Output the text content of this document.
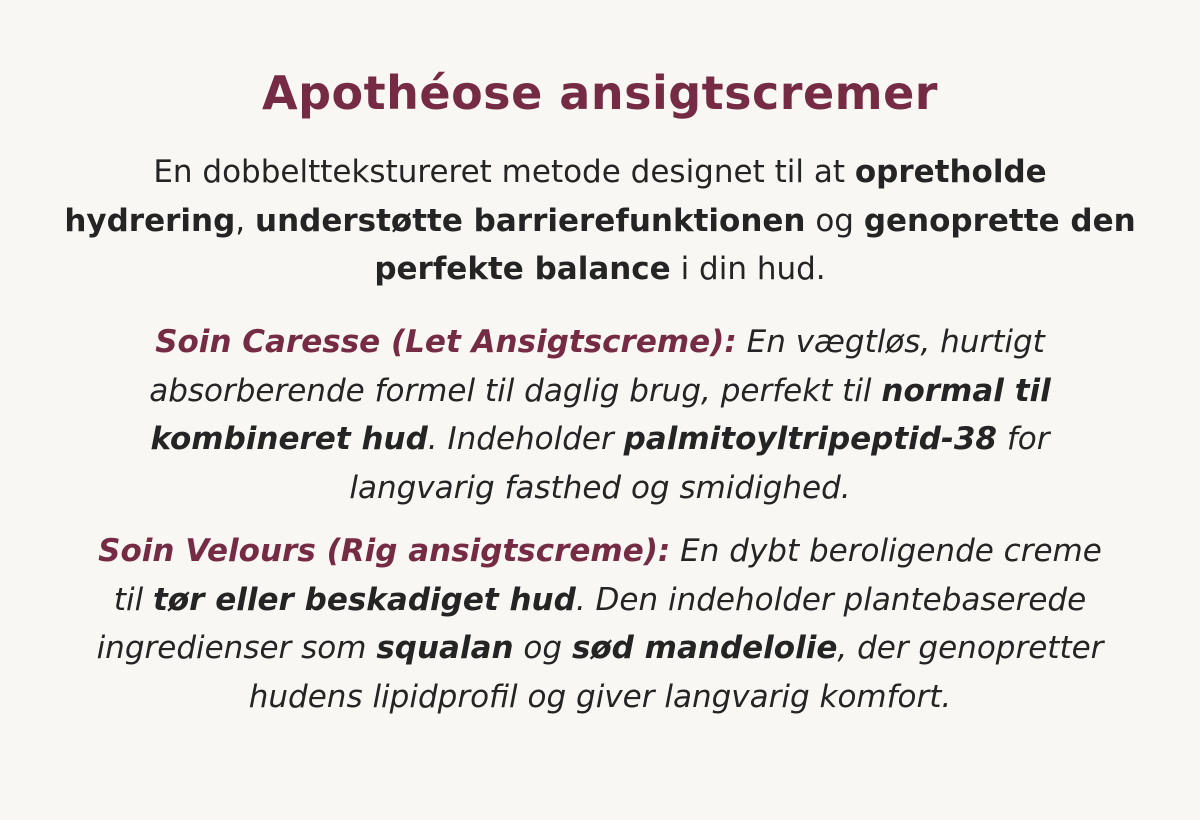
Apothéose ansigtscremer

En dobbelttekstureret metode designet til at opretholde hydrering, understøtte barrierefunktionen og genoprette den perfekte balance i din hud.

Soin Caresse (Let Ansigtscreme): En vægtløs, hurtigt absorberende formel til daglig brug, perfekt til normal til kombineret hud. Indeholder palmitoyltripeptid-38 for langvarig fasthed og smidighed.

Soin Velours (Rig ansigtscreme): En dybt beroligende creme til tør eller beskadiget hud. Den indeholder plantebaserede ingredienser som squalan og sød mandelolie, der genopretter hudens lipidprofil og giver langvarig komfort.
